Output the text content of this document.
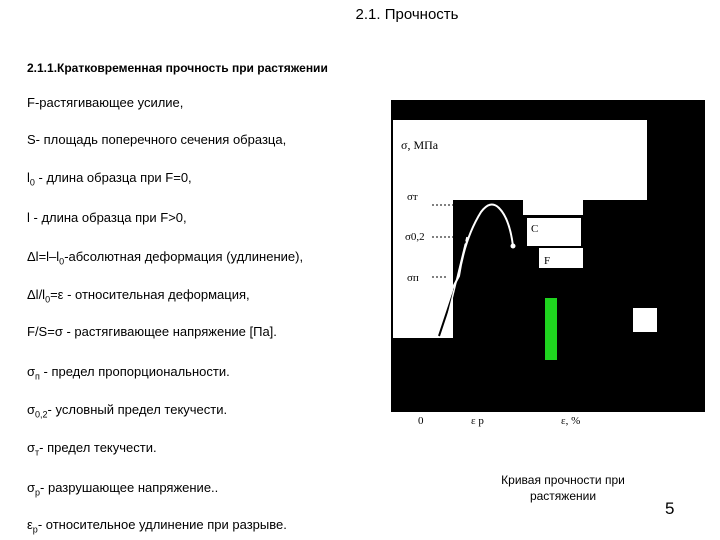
2.1. Прочность
2.1.1.Кратковременная прочность при растяжении
F-растягивающее усилие,
S- площадь поперечного сечения образца,
$l_0$ - длина образца при F=0,
l - длина образца при F>0,
$\Delta l=l-l_0$-абсолютная деформация (удлинение),
$\Delta l/l_0=\varepsilon$ - относительная деформация,
F/S=σ - растягивающее напряжение [Па].
$\sigma_п$ - предел пропорциональности.
$\sigma_{0,2}-$ условный предел текучести.
$\sigma_т-$ предел текучести.
$\sigma_р-$ разрушающее напряжение..
$\varepsilon_р-$ относительное удлинение при разрыве.
σ, МПа
σт
σ0,2
σп	A
B
C
D
F
0	ε р	ε, %
Кривая прочности при растяжении
5
